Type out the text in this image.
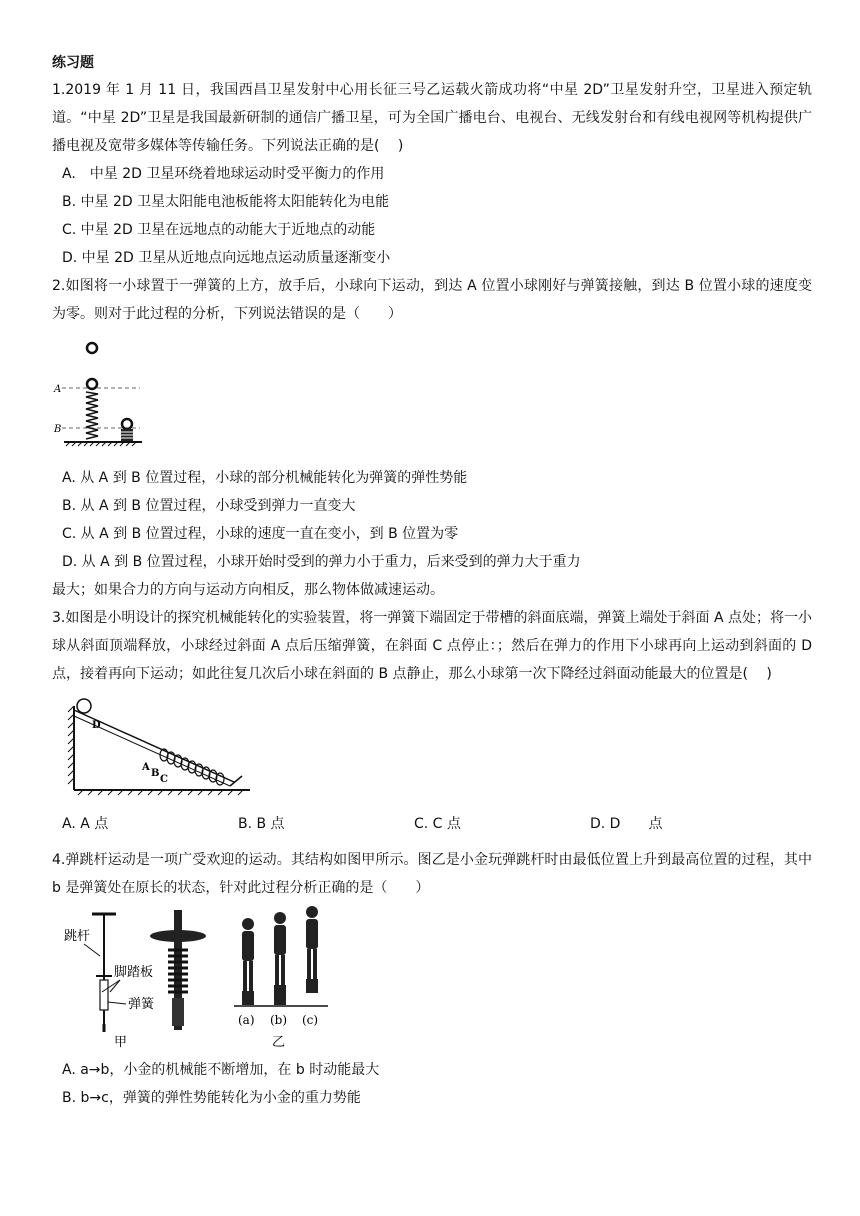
练习题
1.2019 年 1 月 11 日，我国西昌卫星发射中心用长征三号乙运载火箭成功将“中星 2D”卫星发射升空，卫星进入预定轨道。“中星 2D”卫星是我国最新研制的通信广播卫星，可为全国广播电台、电视台、无线发射台和有线电视网等机构提供广播电视及宽带多媒体等传输任务。下列说法正确的是(　 )
A.　中星 2D 卫星环绕着地球运动时受平衡力的作用
B. 中星 2D 卫星太阳能电池板能将太阳能转化为电能
C. 中星 2D 卫星在远地点的动能大于近地点的动能
D. 中星 2D 卫星从近地点向远地点运动质量逐渐变小
2.如图将一小球置于一弹簧的上方，放手后，小球向下运动，到达 A 位置小球刚好与弹簧接触，到达 B 位置小球的速度变为零。则对于此过程的分析，下列说法错误的是（　　）
A
B
A. 从 A 到 B 位置过程，小球的部分机械能转化为弹簧的弹性势能
B. 从 A 到 B 位置过程，小球受到弹力一直变大
C. 从 A 到 B 位置过程，小球的速度一直在变小，到 B 位置为零
D. 从 A 到 B 位置过程，小球开始时受到的弹力小于重力，后来受到的弹力大于重力
最大；如果合力的方向与运动方向相反，那么物体做减速运动。
3.如图是小明设计的探究机械能转化的实验装置，将一弹簧下端固定于带槽的斜面底端，弹簧上端处于斜面 A 点处；将一小球从斜面顶端释放，小球经过斜面 A 点后压缩弹簧，在斜面 C 点停止：；然后在弹力的作用下小球再向上运动到斜面的 D 点，接着再向下运动；如此往复几次后小球在斜面的 B 点静止，那么小球第一次下降经过斜面动能最大的位置是(　 )
D
A
B
C
A. A 点	B. B 点	C. C 点	D. D　　点
4.弹跳杆运动是一项广受欢迎的运动。其结构如图甲所示。图乙是小金玩弹跳杆时由最低位置上升到最高位置的过程，其中 b 是弹簧处在原长的状态，针对此过程分析正确的是（　　）
跳杆
脚踏板
弹簧
甲
(a) (b) (c)
乙
A. a→b，小金的机械能不断增加，在 b 时动能最大
B. b→c，弹簧的弹性势能转化为小金的重力势能
